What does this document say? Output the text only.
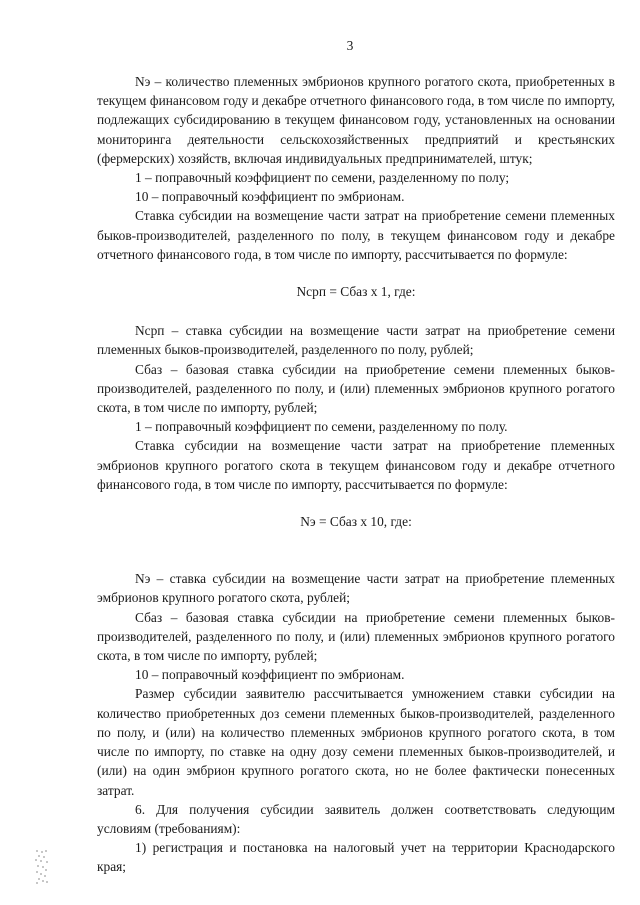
3

Nэ – количество племенных эмбрионов крупного рогатого скота, приобретенных в текущем финансовом году и декабре отчетного финансового года, в том числе по импорту, подлежащих субсидированию в текущем финансовом году, установленных на основании мониторинга деятельности сельскохозяйственных предприятий и крестьянских (фермерских) хозяйств, включая индивидуальных предпринимателей, штук;

1 – поправочный коэффициент по семени, разделенному по полу;

10 – поправочный коэффициент по эмбрионам.

Ставка субсидии на возмещение части затрат на приобретение семени племенных быков-производителей, разделенного по полу, в текущем финансовом году и декабре отчетного финансового года, в том числе по импорту, рассчитывается по формуле:

Nсрп = Сбаз х 1, где:

Nсрп – ставка субсидии на возмещение части затрат на приобретение семени племенных быков-производителей, разделенного по полу, рублей;

Сбаз – базовая ставка субсидии на приобретение семени племенных быков-производителей, разделенного по полу, и (или) племенных эмбрионов крупного рогатого скота, в том числе по импорту, рублей;

1 – поправочный коэффициент по семени, разделенному по полу.

Ставка субсидии на возмещение части затрат на приобретение племенных эмбрионов крупного рогатого скота в текущем финансовом году и декабре отчетного финансового года, в том числе по импорту, рассчитывается по формуле:

Nэ = Сбаз х 10, где:

Nэ – ставка субсидии на возмещение части затрат на приобретение племенных эмбрионов крупного рогатого скота, рублей;

Сбаз – базовая ставка субсидии на приобретение семени племенных быков-производителей, разделенного по полу, и (или) племенных эмбрионов крупного рогатого скота, в том числе по импорту, рублей;

10 – поправочный коэффициент по эмбрионам.

Размер субсидии заявителю рассчитывается умножением ставки субсидии на количество приобретенных доз семени племенных быков-производителей, разделенного по полу, и (или) на количество племенных эмбрионов крупного рогатого скота, в том числе по импорту, по ставке на одну дозу семени племенных быков-производителей, и (или) на один эмбрион крупного рогатого скота, но не более фактически понесенных затрат.

6. Для получения субсидии заявитель должен соответствовать следующим условиям (требованиям):

1) регистрация и постановка на налоговый учет на территории Краснодарского края;
